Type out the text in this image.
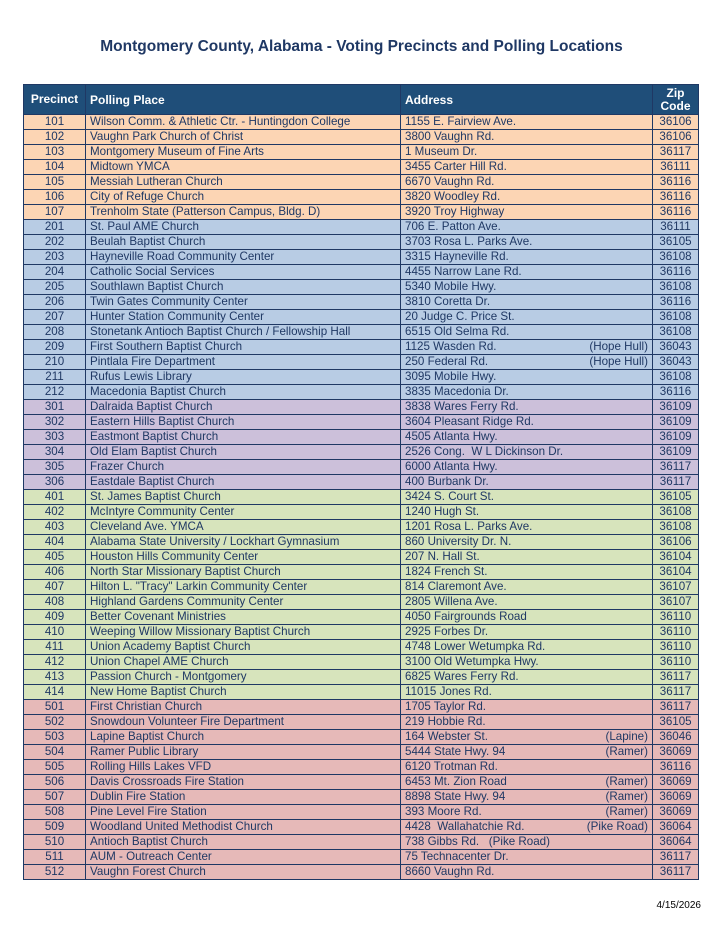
Montgomery County, Alabama - Voting Precincts and Polling Locations
Precinct	Polling Place	Address	Zip
Code
101	Wilson Comm. & Athletic Ctr. - Huntingdon College	1155 E. Fairview Ave.	36106
102	Vaughn Park Church of Christ	3800 Vaughn Rd.	36106
103	Montgomery Museum of Fine Arts	1 Museum Dr.	36117
104	Midtown YMCA	3455 Carter Hill Rd.	36111
105	Messiah Lutheran Church	6670 Vaughn Rd.	36116
106	City of Refuge Church	3820 Woodley Rd.	36116
107	Trenholm State (Patterson Campus, Bldg. D)	3920 Troy Highway	36116
201	St. Paul AME Church	706 E. Patton Ave.	36111
202	Beulah Baptist Church	3703 Rosa L. Parks Ave.	36105
203	Hayneville Road Community Center	3315 Hayneville Rd.	36108
204	Catholic Social Services	4455 Narrow Lane Rd.	36116
205	Southlawn Baptist Church	5340 Mobile Hwy.	36108
206	Twin Gates Community Center	3810 Coretta Dr.	36116
207	Hunter Station Community Center	20 Judge C. Price St.	36108
208	Stonetank Antioch Baptist Church / Fellowship Hall	6515 Old Selma Rd.	36108
209	First Southern Baptist Church	1125 Wasden Rd. (Hope Hull)	36043
210	Pintlala Fire Department	250 Federal Rd. (Hope Hull)	36043
211	Rufus Lewis Library	3095 Mobile Hwy.	36108
212	Macedonia Baptist Church	3835 Macedonia Dr.	36116
301	Dalraida Baptist Church	3838 Wares Ferry Rd.	36109
302	Eastern Hills Baptist Church	3604 Pleasant Ridge Rd.	36109
303	Eastmont Baptist Church	4505 Atlanta Hwy.	36109
304	Old Elam Baptist Church	2526 Cong.  W L Dickinson Dr.	36109
305	Frazer Church	6000 Atlanta Hwy.	36117
306	Eastdale Baptist Church	400 Burbank Dr.	36117
401	St. James Baptist Church	3424 S. Court St.	36105
402	McIntyre Community Center	1240 Hugh St.	36108
403	Cleveland Ave. YMCA	1201 Rosa L. Parks Ave.	36108
404	Alabama State University / Lockhart Gymnasium	860 University Dr. N.	36106
405	Houston Hills Community Center	207 N. Hall St.	36104
406	North Star Missionary Baptist Church	1824 French St.	36104
407	Hilton L. "Tracy" Larkin Community Center	814 Claremont Ave.	36107
408	Highland Gardens Community Center	2805 Willena Ave.	36107
409	Better Covenant Ministries	4050 Fairgrounds Road	36110
410	Weeping Willow Missionary Baptist Church	2925 Forbes Dr.	36110
411	Union Academy Baptist Church	4748 Lower Wetumpka Rd.	36110
412	Union Chapel AME Church	3100 Old Wetumpka Hwy.	36110
413	Passion Church - Montgomery	6825 Wares Ferry Rd.	36117
414	New Home Baptist Church	11015 Jones Rd.	36117
501	First Christian Church	1705 Taylor Rd.	36117
502	Snowdoun Volunteer Fire Department	219 Hobbie Rd.	36105
503	Lapine Baptist Church	164 Webster St. (Lapine)	36046
504	Ramer Public Library	5444 State Hwy. 94 (Ramer)	36069
505	Rolling Hills Lakes VFD	6120 Trotman Rd.	36116
506	Davis Crossroads Fire Station	6453 Mt. Zion Road (Ramer)	36069
507	Dublin Fire Station	8898 State Hwy. 94 (Ramer)	36069
508	Pine Level Fire Station	393 Moore Rd. (Ramer)	36069
509	Woodland United Methodist Church	4428  Wallahatchie Rd. (Pike Road)	36064
510	Antioch Baptist Church	738 Gibbs Rd.   (Pike Road)	36064
511	AUM - Outreach Center	75 Technacenter Dr.	36117
512	Vaughn Forest Church	8660 Vaughn Rd.	36117
4/15/2026
